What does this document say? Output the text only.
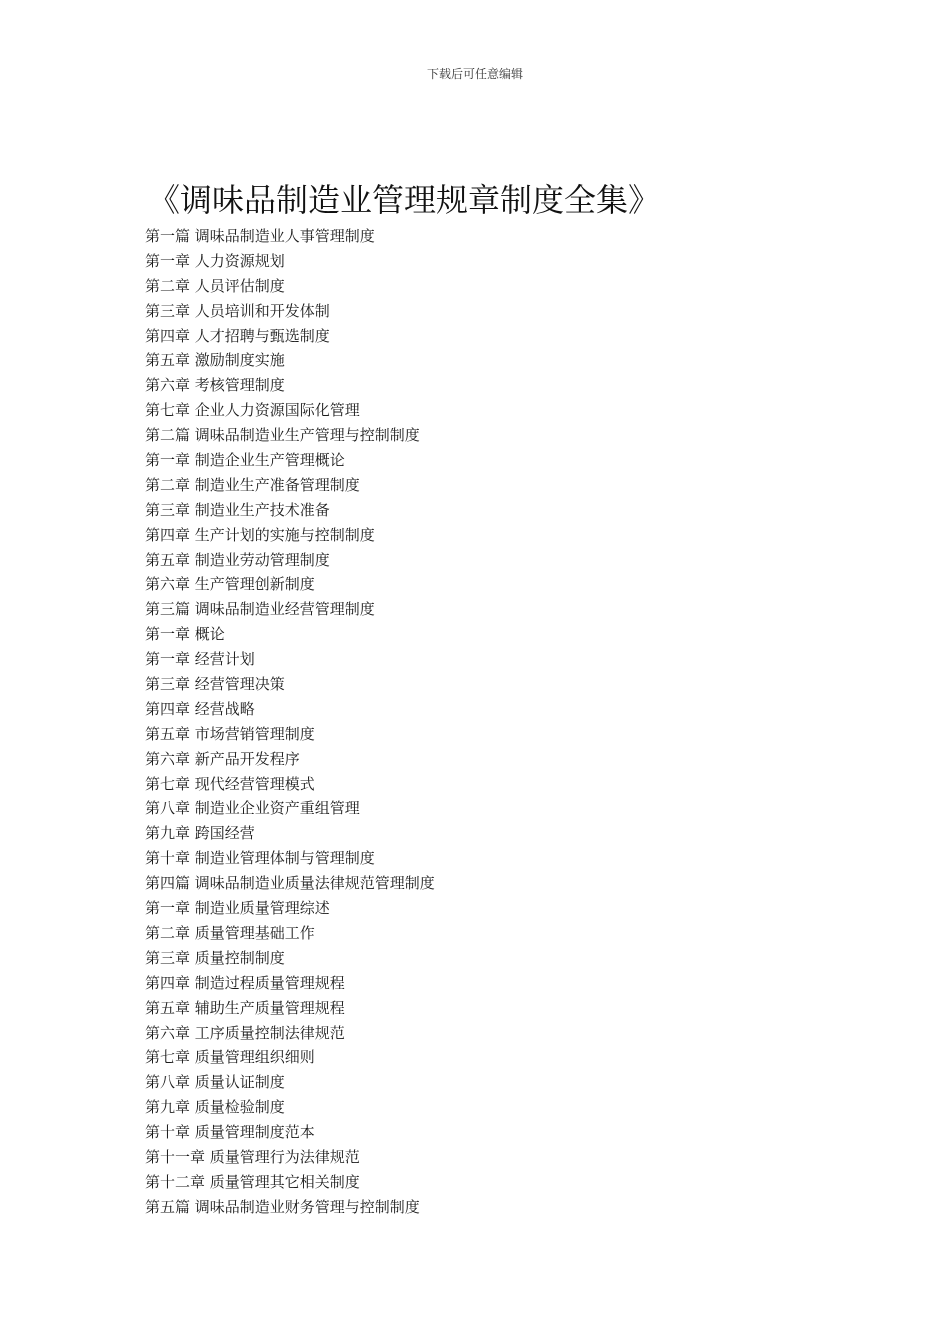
下载后可任意编辑
《调味品制造业管理规章制度全集》
第一篇 调味品制造业人事管理制度
第一章 人力资源规划
第二章 人员评估制度
第三章 人员培训和开发体制
第四章 人才招聘与甄选制度
第五章 激励制度实施
第六章 考核管理制度
第七章 企业人力资源国际化管理
第二篇 调味品制造业生产管理与控制制度
第一章 制造企业生产管理概论
第二章 制造业生产准备管理制度
第三章 制造业生产技术准备
第四章 生产计划的实施与控制制度
第五章 制造业劳动管理制度
第六章 生产管理创新制度
第三篇 调味品制造业经营管理制度
第一章 概论
第一章 经营计划
第三章 经营管理决策
第四章 经营战略
第五章 市场营销管理制度
第六章 新产品开发程序
第七章 现代经营管理模式
第八章 制造业企业资产重组管理
第九章 跨国经营
第十章 制造业管理体制与管理制度
第四篇 调味品制造业质量法律规范管理制度
第一章 制造业质量管理综述
第二章 质量管理基础工作
第三章 质量控制制度
第四章 制造过程质量管理规程
第五章 辅助生产质量管理规程
第六章 工序质量控制法律规范
第七章 质量管理组织细则
第八章 质量认证制度
第九章 质量检验制度
第十章 质量管理制度范本
第十一章 质量管理行为法律规范
第十二章 质量管理其它相关制度
第五篇 调味品制造业财务管理与控制制度
